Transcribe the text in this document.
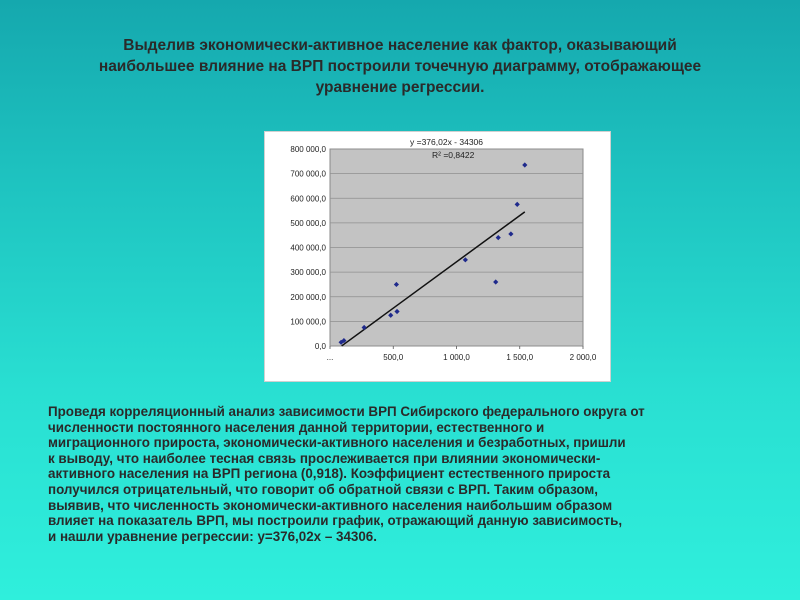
Выделив экономически-активное население как фактор, оказывающий
наибольшее влияние на ВРП построили точечную диаграмму, отображающее
уравнение регрессии.
0,0
100 000,0
200 000,0
300 000,0
400 000,0
500 000,0
600 000,0
700 000,0
800 000,0
...	500,0	1 000,0	1 500,0	2 000,0
y =376,02x - 34306
R² =0,8422
Проведя корреляционный анализ зависимости ВРП Сибирского федерального округа от
численности постоянного населения данной территории, естественного и
миграционного прироста, экономически-активного населения и безработных, пришли
к выводу, что наиболее тесная связь прослеживается при влиянии экономически-
активного населения на ВРП региона (0,918). Коэффициент естественного прироста
получился отрицательный, что говорит об обратной связи с ВРП. Таким образом,
выявив, что численность экономически-активного населения наибольшим образом
влияет на показатель ВРП, мы построили график, отражающий данную зависимость,
и нашли уравнение регрессии: y=376,02x – 34306.
